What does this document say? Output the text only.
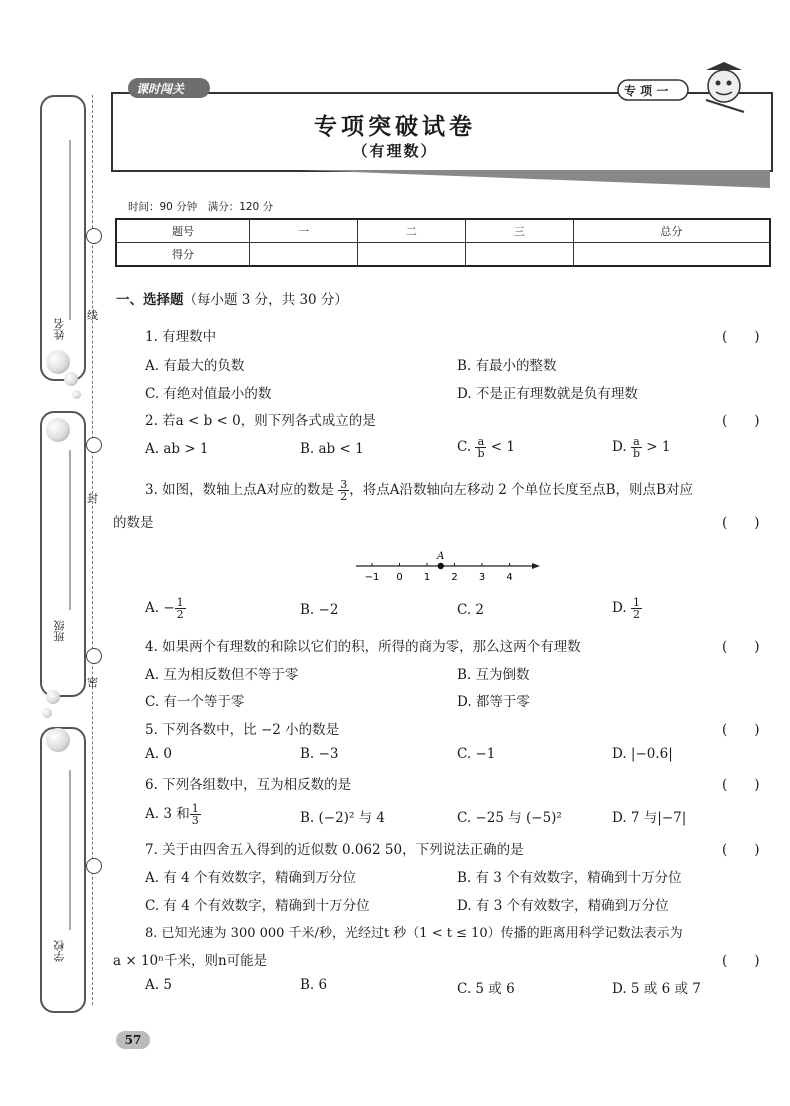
课时闯关	专 项 一
专项突破试卷
（有理数）
姓名
班级
学校
线
封
密
时间：90 分钟　满分：120 分
题号	一	二	三	总分
得分				
一、选择题（每小题 3 分，共 30 分）
1. 有理数中	(　　)
A. 有最大的负数	B. 有最小的整数
C. 有绝对值最小的数	D. 不是正有理数就是负有理数
2. 若a < b < 0，则下列各式成立的是	(　　)
A. ab > 1	B. ab < 1	C. $\frac{a}{b} < 1$	D. $\frac{a}{b} > 1$
3. 如图，数轴上点A对应的数是 $\frac{3}{2}$ ，将点A沿数轴向左移动 2 个单位长度至点B，则点B对应
的数是	(　　)
−1 0 1 2 3 4
A
A. − $\frac{1}{2}$	B. −2	C. 2	D. $\frac{1}{2}$
4. 如果两个有理数的和除以它们的积，所得的商为零，那么这两个有理数	(　　)
A. 互为相反数但不等于零	B. 互为倒数
C. 有一个等于零	D. 都等于零
5. 下列各数中，比 −2 小的数是	(　　)
A. 0	B. −3	C. −1	D. |−0.6|
6. 下列各组数中，互为相反数的是	(　　)
A. 3 和 $\frac{1}{3}$	B. (−2)² 与 4	C. −25 与 (−5)²	D. 7 与|−7|
7. 关于由四舍五入得到的近似数 0.062 50，下列说法正确的是	(　　)
A. 有 4 个有效数字，精确到万分位	B. 有 3 个有效数字，精确到十万分位
C. 有 4 个有效数字，精确到十万分位	D. 有 3 个有效数字，精确到万分位
8. 已知光速为 300 000 千米/秒，光经过t 秒（1 < t ≤ 10）传播的距离用科学记数法表示为
a × 10ⁿ千米，则n可能是	(　　)
A. 5	B. 6	C. 5 或 6	D. 5 或 6 或 7
57
